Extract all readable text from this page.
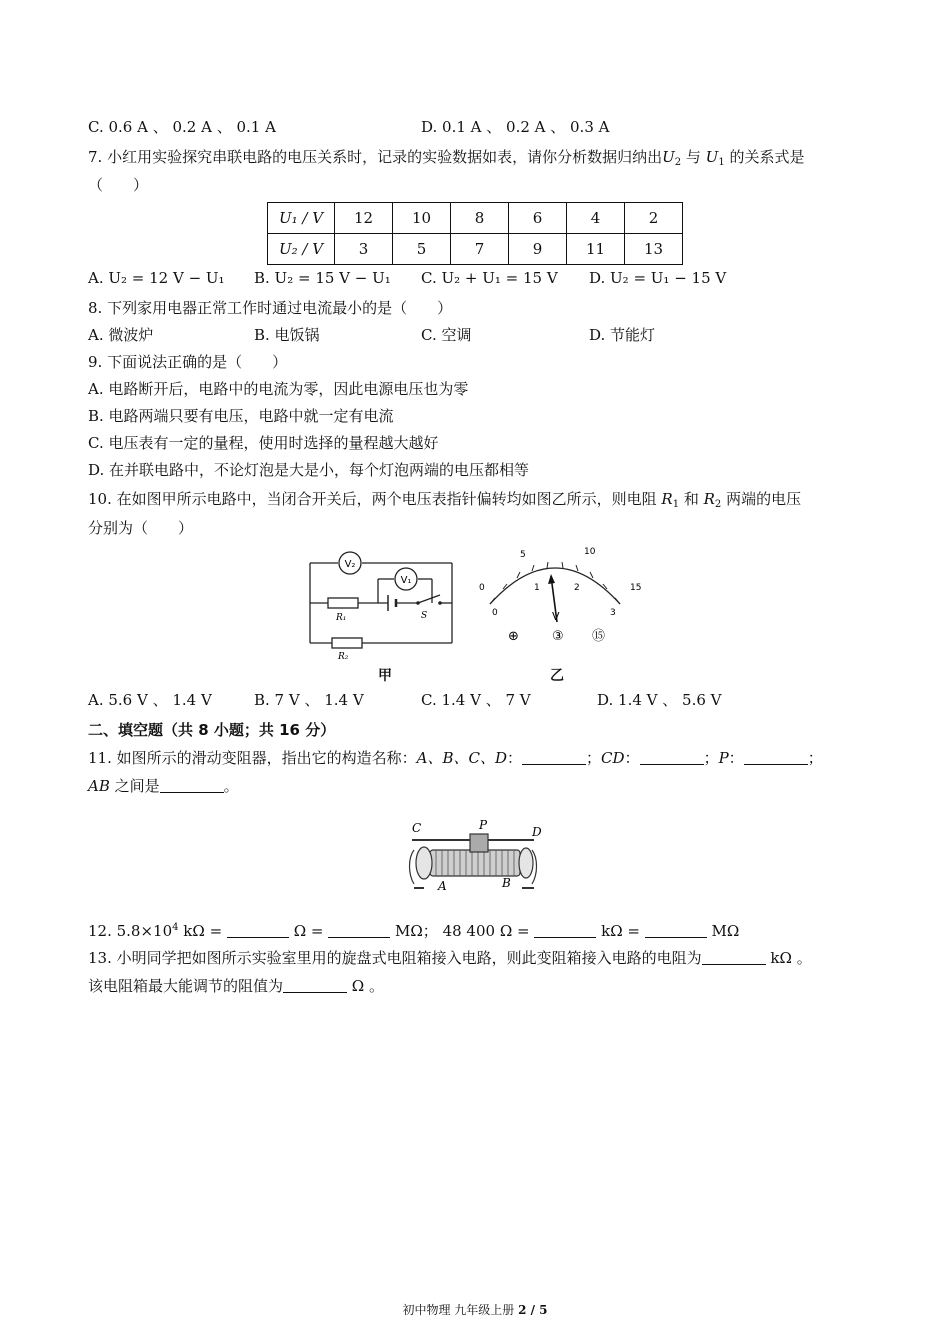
C. 0.6 A 、 0.2 A 、 0.1 A	D. 0.1 A 、 0.2 A 、 0.3 A
7. 小红用实验探究串联电路的电压关系时，记录的实验数据如表，请你分析数据归纳出$U_2$ 与 $U_1$ 的关系式是
（　　）
U₁ / V	12	10	8	6	4	2
U₂ / V	3	5	7	9	11	13
A. U₂ = 12 V − U₁ B. U₂ = 15 V − U₁ C. U₂ + U₁ = 15 V D. U₂ = U₁ − 15 V
8. 下列家用电器正常工作时通过电流最小的是（　　）
A. 微波炉	B. 电饭锅	C. 空调	D. 节能灯
9. 下面说法正确的是（　　）
A. 电路断开后，电路中的电流为零，因此电源电压也为零
B. 电路两端只要有电压，电路中就一定有电流
C. 电压表有一定的量程，使用时选择的量程越大越好
D. 在并联电路中，不论灯泡是大是小，每个灯泡两端的电压都相等
10. 在如图甲所示电路中，当闭合开关后，两个电压表指针偏转均如图乙所示，则电阻 $R_1$ 和 $R_2$ 两端的电压
分别为（　　）
V₂
V₁
R₁	S
R₂
甲
0
5	10
15
0
1	2
3
V
⊕	③ ⑮
乙
A. 5.6 V 、 1.4 V	B. 7 V 、 1.4 V	C. 1.4 V 、 7 V	D. 1.4 V 、 5.6 V
二、填空题（共 8 小题；共 16 分）
11. 如图所示的滑动变阻器，指出它的构造名称：A、B、C、D：	；CD：	；P：	；
AB 之间是	。
C	P	D
A	B
12. $5.8\times 10^4$ kΩ =	Ω =	MΩ； 48 400 Ω =	kΩ =	MΩ
13. 小明同学把如图所示实验室里用的旋盘式电阻箱接入电路，则此变阻箱接入电路的电阻为	kΩ 。
该电阻箱最大能调节的阻值为	Ω 。
初中物理 九年级上册 2 / 5
